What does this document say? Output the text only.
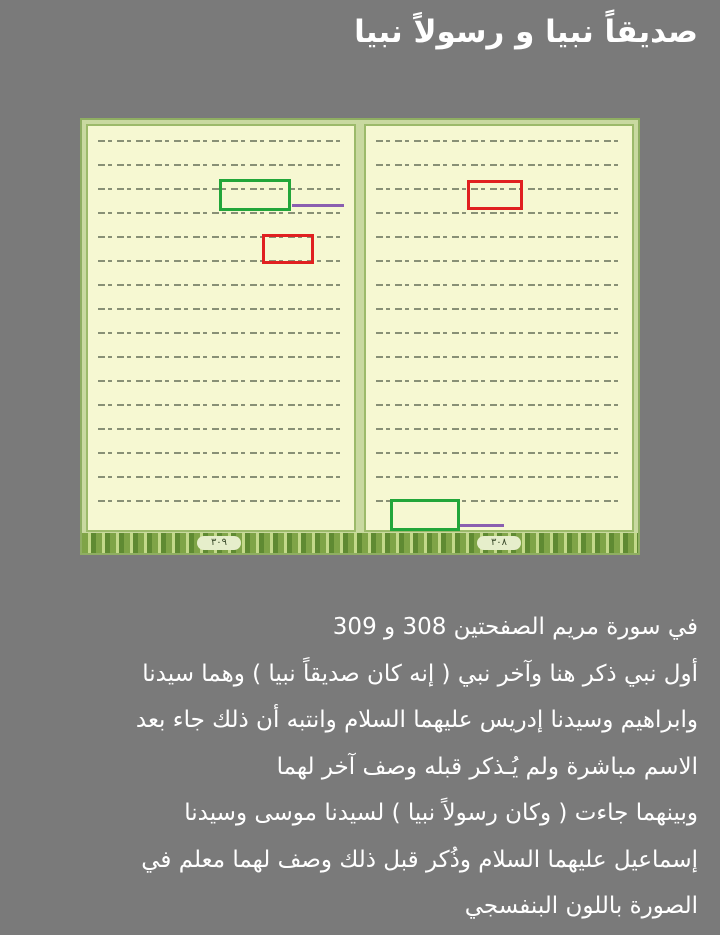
صديقاً نبيا و رسولاً نبيا
٣٠٩	٣٠٨
في سورة مريم الصفحتين 308 و 309
أول نبي ذكر هنا وآخر نبي ( إنه كان صديقاً نبيا ) وهما سيدنا
وابراهيم وسيدنا إدريس عليهما السلام وانتبه أن ذلك جاء بعد
الاسم مباشرة ولم يُـذكر قبله وصف آخر لهما
وبينهما جاءت ( وكان رسولاً نبيا ) لسيدنا موسى وسيدنا
إسماعيل عليهما السلام وذُكر قبل ذلك وصف لهما معلم في
الصورة باللون البنفسجي
